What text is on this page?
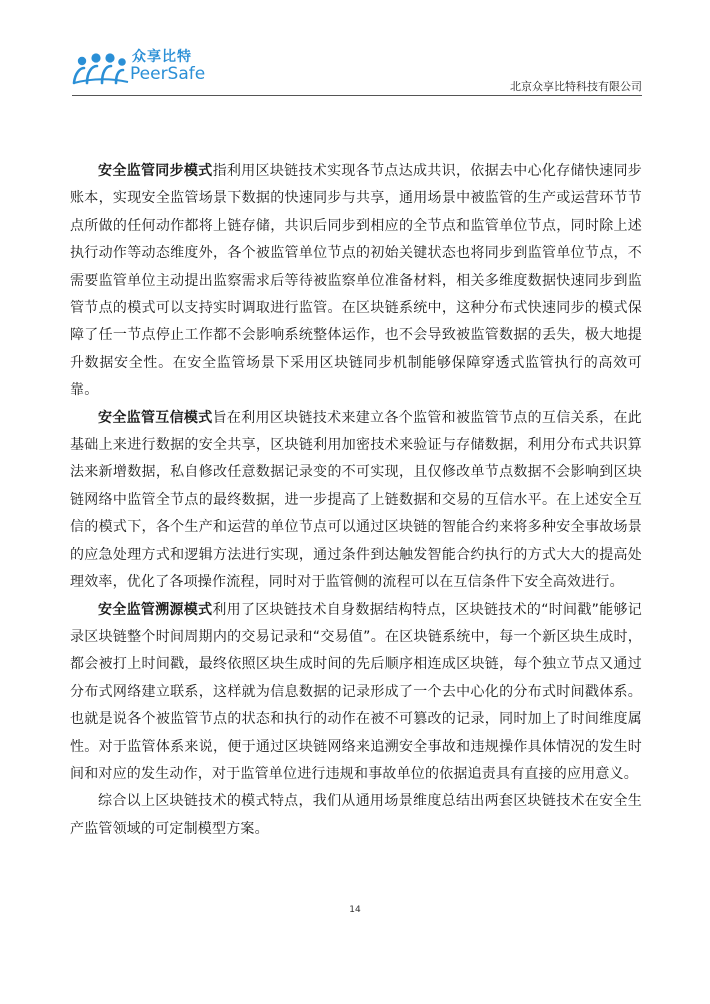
众享比特
PeerSafe
北京众享比特科技有限公司

安全监管同步模式指利用区块链技术实现各节点达成共识，依据去中心化存储快速同步账本，实现安全监管场景下数据的快速同步与共享，通用场景中被监管的生产或运营环节节点所做的任何动作都将上链存储，共识后同步到相应的全节点和监管单位节点，同时除上述执行动作等动态维度外，各个被监管单位节点的初始关键状态也将同步到监管单位节点，不需要监管单位主动提出监察需求后等待被监察单位准备材料，相关多维度数据快速同步到监管节点的模式可以支持实时调取进行监管。在区块链系统中，这种分布式快速同步的模式保障了任一节点停止工作都不会影响系统整体运作，也不会导致被监管数据的丢失，极大地提升数据安全性。在安全监管场景下采用区块链同步机制能够保障穿透式监管执行的高效可靠。

安全监管互信模式旨在利用区块链技术来建立各个监管和被监管节点的互信关系，在此基础上来进行数据的安全共享，区块链利用加密技术来验证与存储数据，利用分布式共识算法来新增数据，私自修改任意数据记录变的不可实现，且仅修改单节点数据不会影响到区块链网络中监管全节点的最终数据，进一步提高了上链数据和交易的互信水平。在上述安全互信的模式下，各个生产和运营的单位节点可以通过区块链的智能合约来将多种安全事故场景的应急处理方式和逻辑方法进行实现，通过条件到达触发智能合约执行的方式大大的提高处理效率，优化了各项操作流程，同时对于监管侧的流程可以在互信条件下安全高效进行。

安全监管溯源模式利用了区块链技术自身数据结构特点，区块链技术的“时间戳”能够记录区块链整个时间周期内的交易记录和“交易值”。在区块链系统中，每一个新区块生成时，都会被打上时间戳，最终依照区块生成时间的先后顺序相连成区块链，每个独立节点又通过分布式网络建立联系，这样就为信息数据的记录形成了一个去中心化的分布式时间戳体系。也就是说各个被监管节点的状态和执行的动作在被不可篡改的记录，同时加上了时间维度属性。对于监管体系来说，便于通过区块链网络来追溯安全事故和违规操作具体情况的发生时间和对应的发生动作，对于监管单位进行违规和事故单位的依据追责具有直接的应用意义。

综合以上区块链技术的模式特点，我们从通用场景维度总结出两套区块链技术在安全生产监管领域的可定制模型方案。

14
